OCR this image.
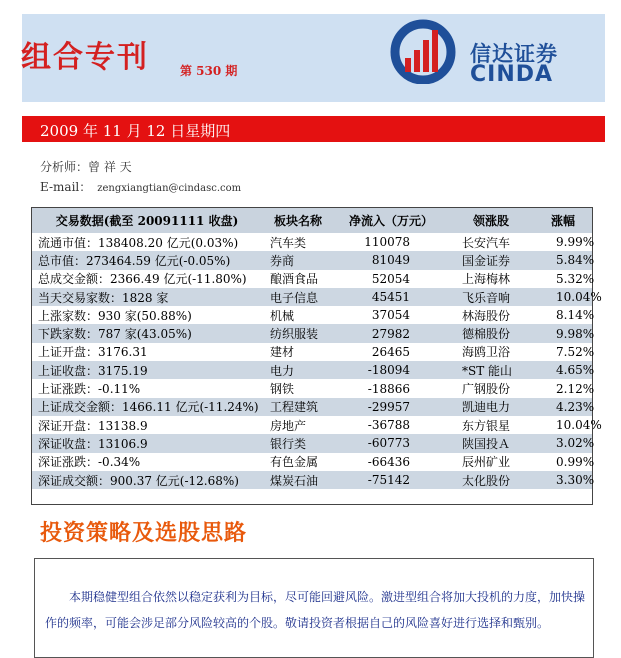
组合专刊	第 530 期
信达证券
CINDA
2009 年 11 月 12 日星期四
分析师：曾 祥 天
E-mail： zengxiangtian@cindasc.com
交易数据(截至 20091111 收盘)	板块名称	净流入（万元）	领涨股	涨幅
流通市值：138408.20 亿元(0.03%)	汽车类	110078	长安汽车	9.99%
总市值：273464.59 亿元(-0.05%)	券商	81049	国金证券	5.84%
总成交金额：2366.49 亿元(-11.80%)	酿酒食品	52054	上海梅林	5.32%
当天交易家数：1828 家	电子信息	45451	飞乐音响	10.04%
上涨家数：930 家(50.88%)	机械	37054	林海股份	8.14%
下跌家数：787 家(43.05%)	纺织服装	27982	德棉股份	9.98%
上证开盘：3176.31	建材	26465	海鸥卫浴	7.52%
上证收盘：3175.19	电力	-18094	*ST 能山	4.65%
上证涨跌：-0.11%	钢铁	-18866	广钢股份	2.12%
上证成交金额：1466.11 亿元(-11.24%)	工程建筑	-29957	凯迪电力	4.23%
深证开盘：13138.9	房地产	-36788	东方银星	10.04%
深证收盘：13106.9	银行类	-60773	陕国投Ａ	3.02%
深证涨跌：-0.34%	有色金属	-66436	辰州矿业	0.99%
深证成交额：900.37 亿元(-12.68%)	煤炭石油	-75142	太化股份	3.30%
投资策略及选股思路
本期稳健型组合依然以稳定获利为目标，尽可能回避风险。激进型组合将加大投机的力度，加快操作的频率，可能会涉足部分风险较高的个股。敬请投资者根据自己的风险喜好进行选择和甄别。
